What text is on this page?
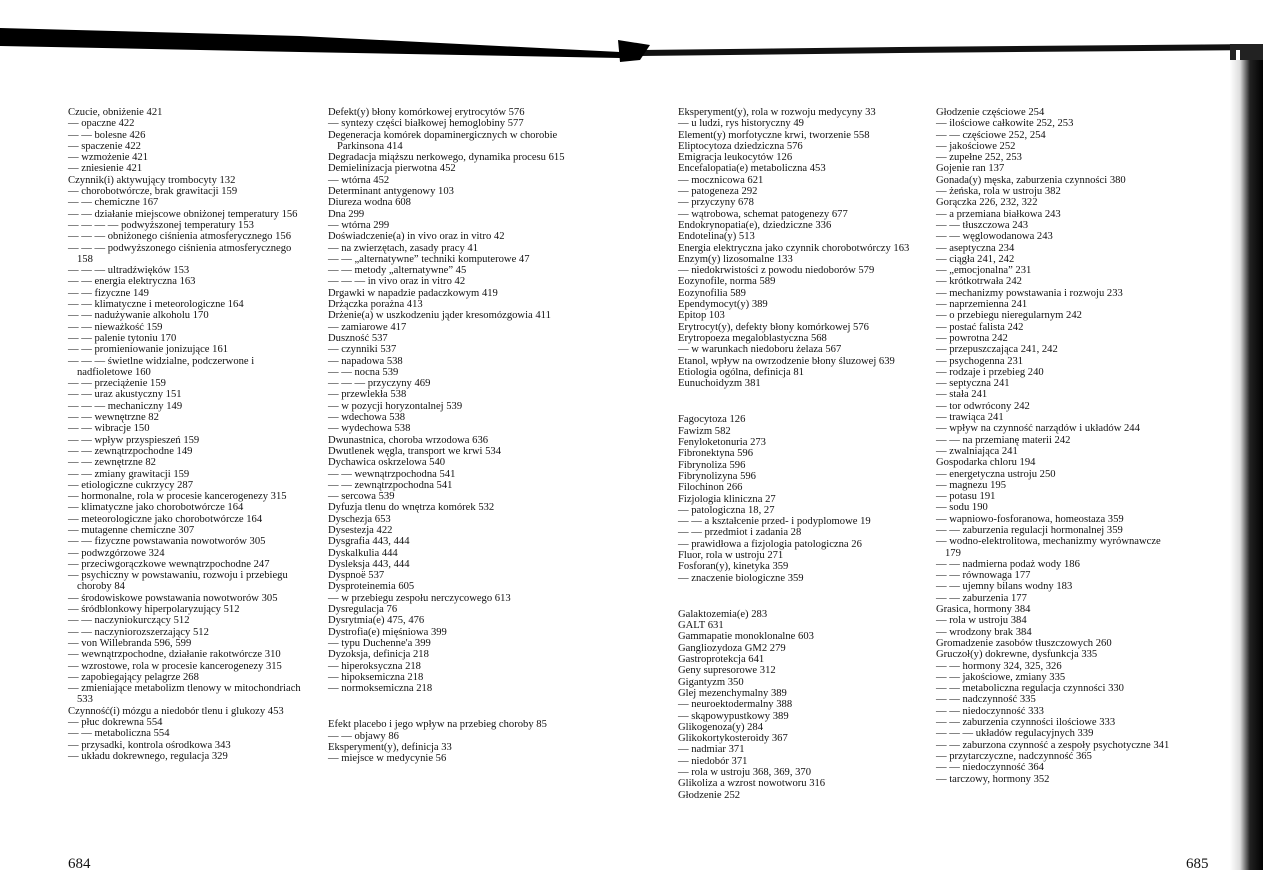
Czucie, obniżenie 421
— opaczne 422
— — bolesne 426
— spaczenie 422
— wzmożenie 421
— zniesienie 421
Czynnik(i) aktywujący trombocyty 132
— chorobotwórcze, brak grawitacji 159
— — chemiczne 167
— — działanie miejscowe obniżonej temperatury 156
— — — — podwyższonej temperatury 153
— — — obniżonego ciśnienia atmosferycznego 156
— — — podwyższonego ciśnienia atmosferycznego 158
— — — ultradźwięków 153
— — energia elektryczna 163
— — fizyczne 149
— — klimatyczne i meteorologiczne 164
— — nadużywanie alkoholu 170
— — nieważkość 159
— — palenie tytoniu 170
— — promieniowanie jonizujące 161
— — — świetlne widzialne, podczerwone i nadfioletowe 160
— — przeciążenie 159
— — uraz akustyczny 151
— — — mechaniczny 149
— — wewnętrzne 82
— — wibracje 150
— — wpływ przyspieszeń 159
— — zewnątrzpochodne 149
— — zewnętrzne 82
— — zmiany grawitacji 159
— etiologiczne cukrzycy 287
— hormonalne, rola w procesie kancerogenezy 315
— klimatyczne jako chorobotwórcze 164
— meteorologiczne jako chorobotwórcze 164
— mutagenne chemiczne 307
— — fizyczne powstawania nowotworów 305
— podwzgórzowe 324
— przeciwgorączkowe wewnątrzpochodne 247
— psychiczny w powstawaniu, rozwoju i przebiegu choroby 84
— środowiskowe powstawania nowotworów 305
— śródblonkowy hiperpolaryzujący 512
— — naczyniokurczący 512
— — naczyniorozszerzający 512
— von Willebranda 596, 599
— wewnątrzpochodne, działanie rakotwórcze 310
— wzrostowe, rola w procesie kancerogenezy 315
— zapobiegający pelagrze 268
— zmieniające metabolizm tlenowy w mitochondriach 533
Czynność(i) mózgu a niedobór tlenu i glukozy 453
— płuc dokrewna 554
— — metaboliczna 554
— przysadki, kontrola ośrodkowa 343
— układu dokrewnego, regulacja 329
Defekt(y) błony komórkowej erytrocytów 576
— syntezy części białkowej hemoglobiny 577
Degeneracja komórek dopaminergicznych w chorobie Parkinsona 414
Degradacja miąższu nerkowego, dynamika procesu 615
Demielinizacja pierwotna 452
— wtórna 452
Determinant antygenowy 103
Diureza wodna 608
Dna 299
— wtórna 299
Doświadczenie(a) in vivo oraz in vitro 42
— na zwierzętach, zasady pracy 41
— — „alternatywne” techniki komputerowe 47
— — metody „alternatywne” 45
— — — in vivo oraz in vitro 42
Drgawki w napadzie padaczkowym 419
Drżączka porażna 413
Drżenie(a) w uszkodzeniu jąder kresomózgowia 411
— zamiarowe 417
Duszność 537
— czynniki 537
— napadowa 538
— — nocna 539
— — — przyczyny 469
— przewlekła 538
— w pozycji horyzontalnej 539
— wdechowa 538
— wydechowa 538
Dwunastnica, choroba wrzodowa 636
Dwutlenek węgla, transport we krwi 534
Dychawica oskrzelowa 540
— — wewnątrzpochodna 541
— — zewnątrzpochodna 541
— sercowa 539
Dyfuzja tlenu do wnętrza komórek 532
Dyschezja 653
Dysestezja 422
Dysgrafia 443, 444
Dyskalkulia 444
Dysleksja 443, 444
Dyspnoë 537
Dysproteinemia 605
— w przebiegu zespołu nerczycowego 613
Dysregulacja 76
Dysrytmia(e) 475, 476
Dystrofia(e) mięśniowa 399
— typu Duchenne'a 399
Dyzoksja, definicja 218
— hiperoksyczna 218
— hipoksemiczna 218
— normoksemiczna 218
Efekt placebo i jego wpływ na przebieg choroby 85
— — objawy 86
Eksperyment(y), definicja 33
— miejsce w medycynie 56
Eksperyment(y), rola w rozwoju medycyny 33
— u ludzi, rys historyczny 49
Element(y) morfotyczne krwi, tworzenie 558
Eliptocytoza dziedziczna 576
Emigracja leukocytów 126
Encefalopatia(e) metaboliczna 453
— mocznicowa 621
— patogeneza 292
— przyczyny 678
— wątrobowa, schemat patogenezy 677
Endokrynopatia(e), dziedziczne 336
Endotelina(y) 513
Energia elektryczna jako czynnik chorobotwórczy 163
Enzym(y) lizosomalne 133
— niedokrwistości z powodu niedoborów 579
Eozynofile, norma 589
Eozynofilia 589
Ependymocyt(y) 389
Epitop 103
Erytrocyt(y), defekty błony komórkowej 576
Erytropoeza megaloblastyczna 568
— w warunkach niedoboru żelaza 567
Etanol, wpływ na owrzodzenie błony śluzowej 639
Etiologia ogólna, definicja 81
Eunuchoidyzm 381
Fagocytoza 126
Fawizm 582
Fenyloketonuria 273
Fibronektyna 596
Fibrynoliza 596
Fibrynolizyna 596
Filochinon 266
Fizjologia kliniczna 27
— patologiczna 18, 27
— — a kształcenie przed- i podyplomowe 19
— — przedmiot i zadania 28
— prawidłowa a fizjologia patologiczna 26
Fluor, rola w ustroju 271
Fosforan(y), kinetyka 359
— znaczenie biologiczne 359
Galaktozemia(e) 283
GALT 631
Gammapatie monoklonalne 603
Gangliozydoza GM2 279
Gastroprotekcja 641
Geny supresorowe 312
Gigantyzm 350
Glej mezenchymalny 389
— neuroektodermalny 388
— skąpowypustkowy 389
Glikogenoza(y) 284
Glikokortykosteroidy 367
— nadmiar 371
— niedobór 371
— rola w ustroju 368, 369, 370
Glikoliza a wzrost nowotworu 316
Głodzenie 252
Głodzenie częściowe 254
— ilościowe całkowite 252, 253
— — częściowe 252, 254
— jakościowe 252
— zupełne 252, 253
Gojenie ran 137
Gonada(y) męska, zaburzenia czynności 380
— żeńska, rola w ustroju 382
Gorączka 226, 232, 322
— a przemiana białkowa 243
— — tłuszczowa 243
— — węglowodanowa 243
— aseptyczna 234
— ciągła 241, 242
— „emocjonalna” 231
— krótkotrwała 242
— mechanizmy powstawania i rozwoju 233
— naprzemienna 241
— o przebiegu nieregularnym 242
— postać falista 242
— powrotna 242
— przepuszczająca 241, 242
— psychogenna 231
— rodzaje i przebieg 240
— septyczna 241
— stała 241
— tor odwrócony 242
— trawiąca 241
— wpływ na czynność narządów i układów 244
— — na przemianę materii 242
— zwalniająca 241
Gospodarka chloru 194
— energetyczna ustroju 250
— magnezu 195
— potasu 191
— sodu 190
— wapniowo-fosforanowa, homeostaza 359
— — zaburzenia regulacji hormonalnej 359
— wodno-elektrolitowa, mechanizmy wyrównawcze 179
— — nadmierna podaż wody 186
— — równowaga 177
— — ujemny bilans wodny 183
— — zaburzenia 177
Grasica, hormony 384
— rola w ustroju 384
— wrodzony brak 384
Gromadzenie zasobów tłuszczowych 260
Gruczoł(y) dokrewne, dysfunkcja 335
— — hormony 324, 325, 326
— — jakościowe, zmiany 335
— — metaboliczna regulacja czynności 330
— — nadczynność 335
— — niedoczynność 333
— — zaburzenia czynności ilościowe 333
— — — układów regulacyjnych 339
— — zaburzona czynność a zespoły psychotyczne 341
— przytarczyczne, nadczynność 365
— — niedoczynność 364
— tarczowy, hormony 352
684	685
